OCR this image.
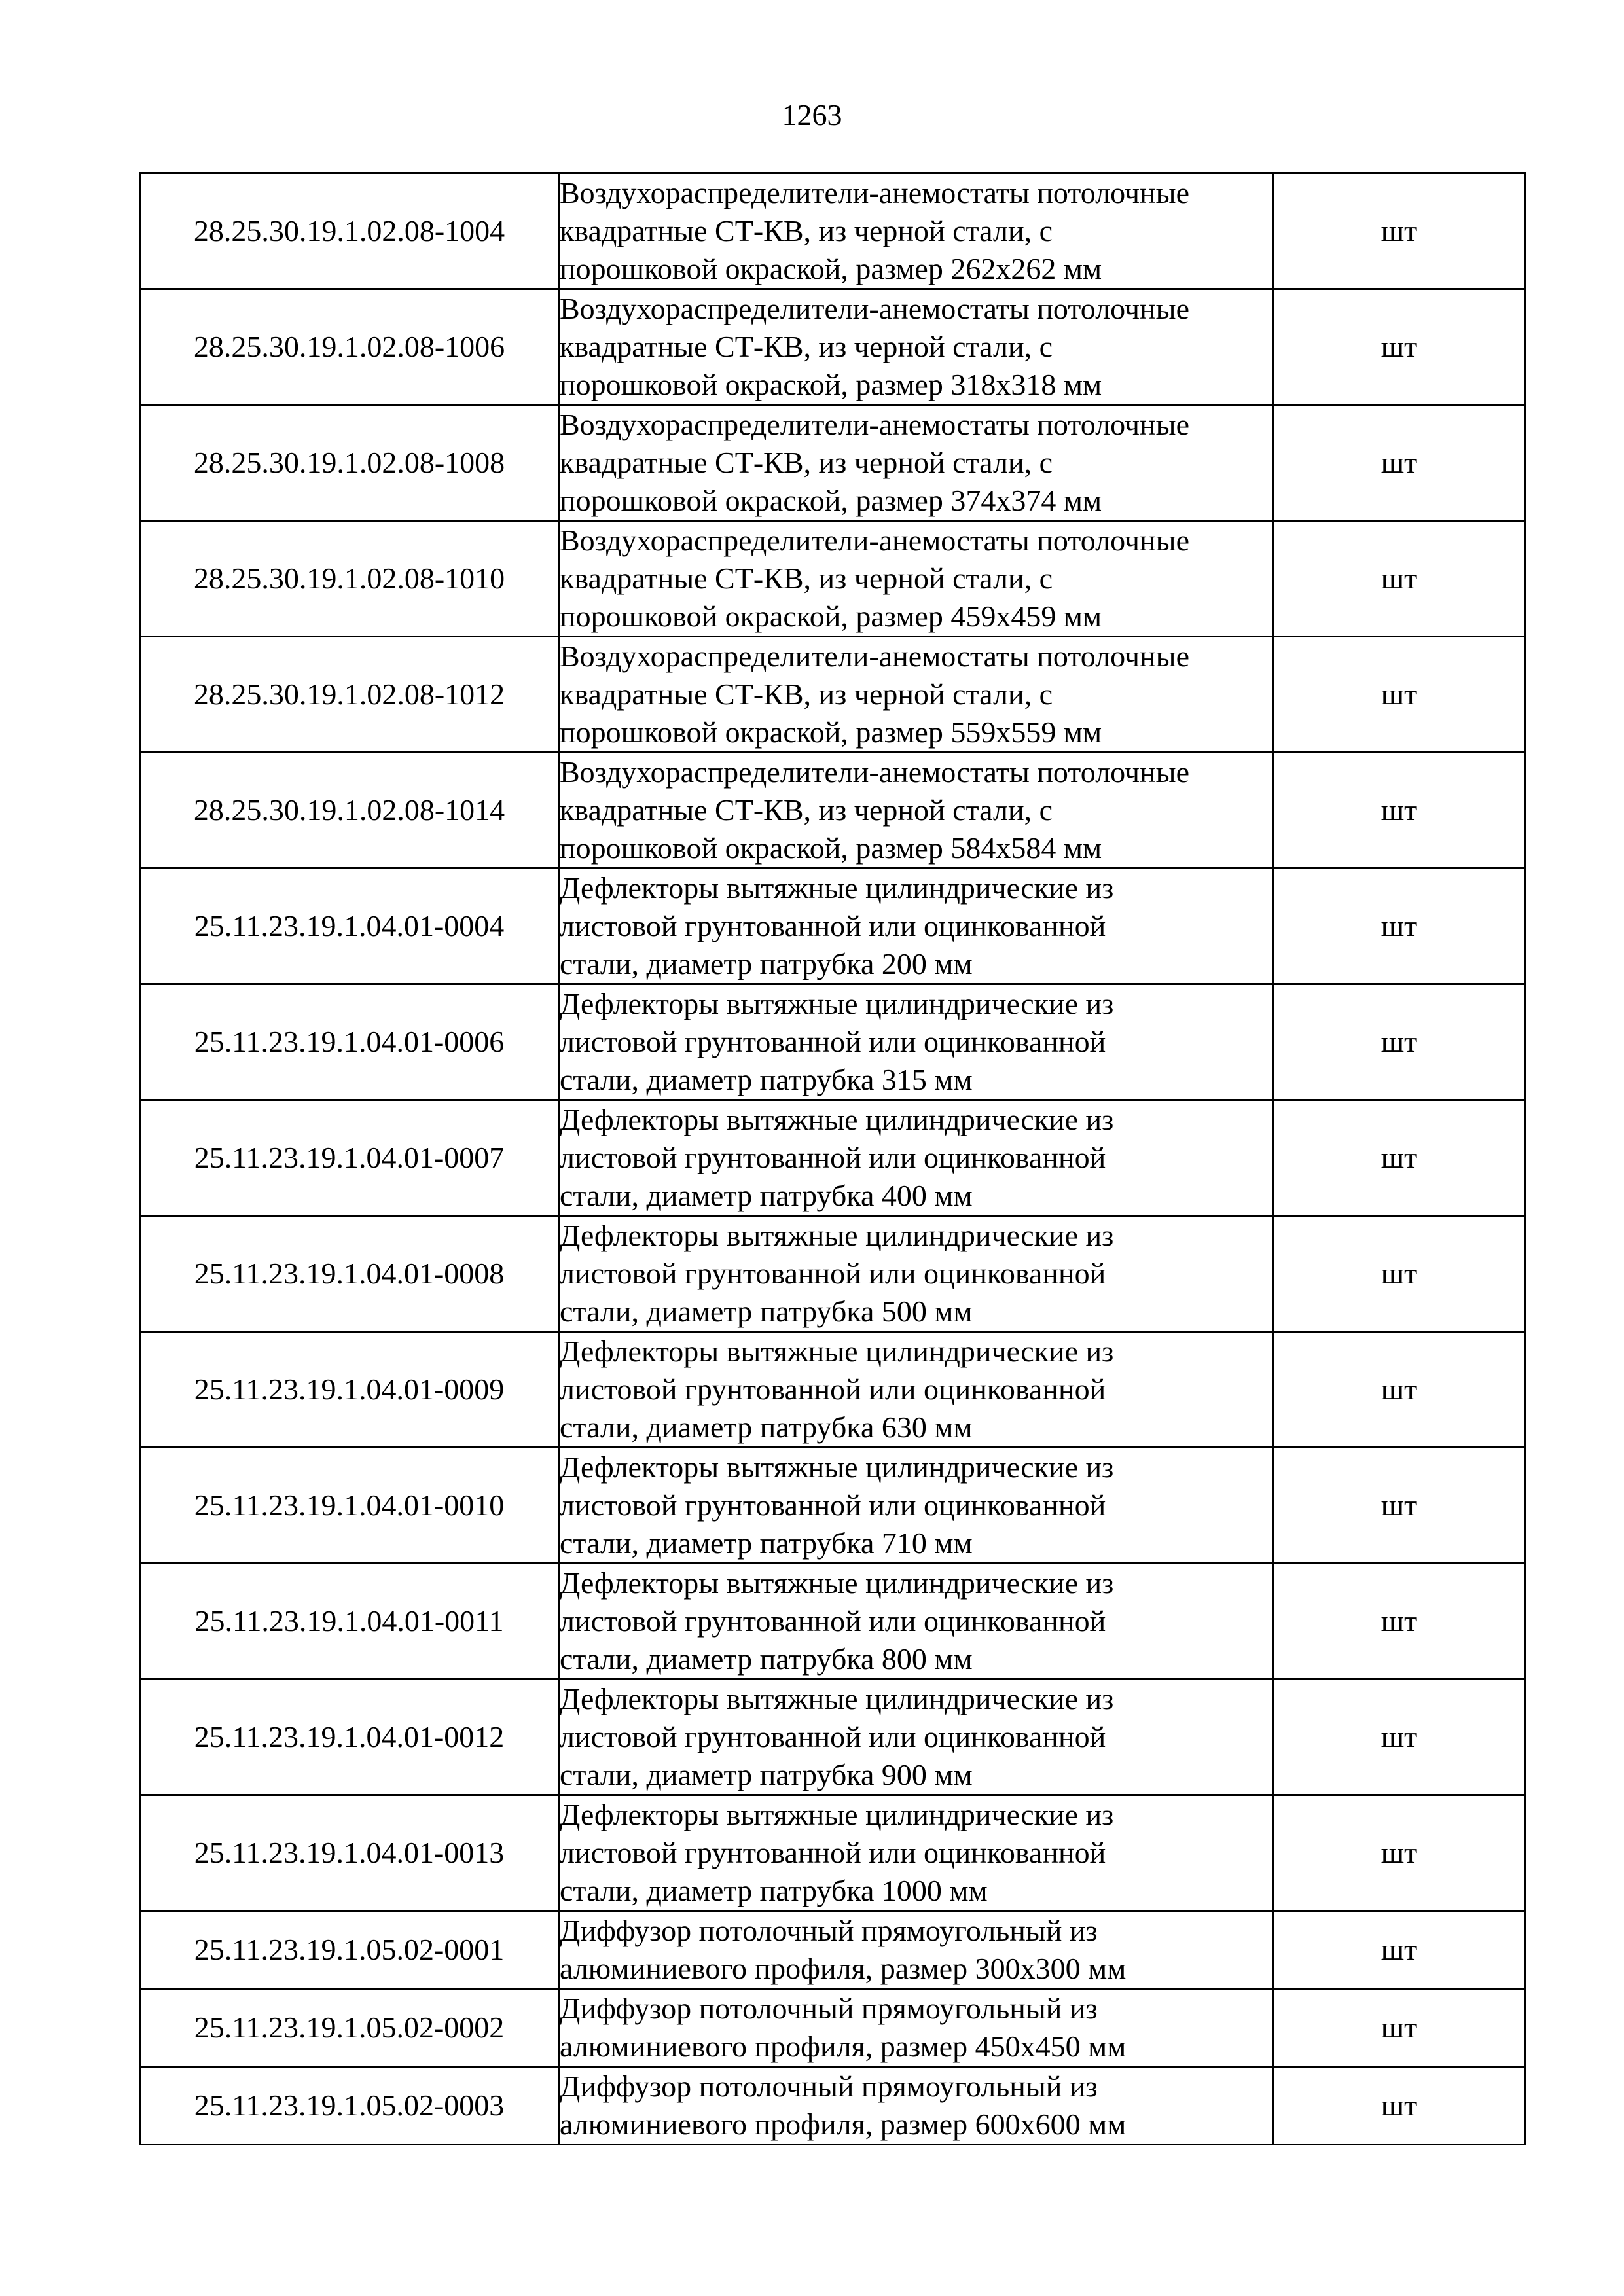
1263
28.25.30.19.1.02.08-1004	Воздухораспределители-анемостаты потолочные
квадратные СТ-КВ, из черной стали, с
порошковой окраской, размер 262х262 мм	шт
28.25.30.19.1.02.08-1006	Воздухораспределители-анемостаты потолочные
квадратные СТ-КВ, из черной стали, с
порошковой окраской, размер 318х318 мм	шт
28.25.30.19.1.02.08-1008	Воздухораспределители-анемостаты потолочные
квадратные СТ-КВ, из черной стали, с
порошковой окраской, размер 374х374 мм	шт
28.25.30.19.1.02.08-1010	Воздухораспределители-анемостаты потолочные
квадратные СТ-КВ, из черной стали, с
порошковой окраской, размер 459х459 мм	шт
28.25.30.19.1.02.08-1012	Воздухораспределители-анемостаты потолочные
квадратные СТ-КВ, из черной стали, с
порошковой окраской, размер 559х559 мм	шт
28.25.30.19.1.02.08-1014	Воздухораспределители-анемостаты потолочные
квадратные СТ-КВ, из черной стали, с
порошковой окраской, размер 584х584 мм	шт
25.11.23.19.1.04.01-0004	Дефлекторы вытяжные цилиндрические из
листовой грунтованной или оцинкованной
стали, диаметр патрубка 200 мм	шт
25.11.23.19.1.04.01-0006	Дефлекторы вытяжные цилиндрические из
листовой грунтованной или оцинкованной
стали, диаметр патрубка 315 мм	шт
25.11.23.19.1.04.01-0007	Дефлекторы вытяжные цилиндрические из
листовой грунтованной или оцинкованной
стали, диаметр патрубка 400 мм	шт
25.11.23.19.1.04.01-0008	Дефлекторы вытяжные цилиндрические из
листовой грунтованной или оцинкованной
стали, диаметр патрубка 500 мм	шт
25.11.23.19.1.04.01-0009	Дефлекторы вытяжные цилиндрические из
листовой грунтованной или оцинкованной
стали, диаметр патрубка 630 мм	шт
25.11.23.19.1.04.01-0010	Дефлекторы вытяжные цилиндрические из
листовой грунтованной или оцинкованной
стали, диаметр патрубка 710 мм	шт
25.11.23.19.1.04.01-0011	Дефлекторы вытяжные цилиндрические из
листовой грунтованной или оцинкованной
стали, диаметр патрубка 800 мм	шт
25.11.23.19.1.04.01-0012	Дефлекторы вытяжные цилиндрические из
листовой грунтованной или оцинкованной
стали, диаметр патрубка 900 мм	шт
25.11.23.19.1.04.01-0013	Дефлекторы вытяжные цилиндрические из
листовой грунтованной или оцинкованной
стали, диаметр патрубка 1000 мм	шт
25.11.23.19.1.05.02-0001	Диффузор потолочный прямоугольный из
алюминиевого профиля, размер 300х300 мм	шт
25.11.23.19.1.05.02-0002	Диффузор потолочный прямоугольный из
алюминиевого профиля, размер 450х450 мм	шт
25.11.23.19.1.05.02-0003	Диффузор потолочный прямоугольный из
алюминиевого профиля, размер 600х600 мм	шт
